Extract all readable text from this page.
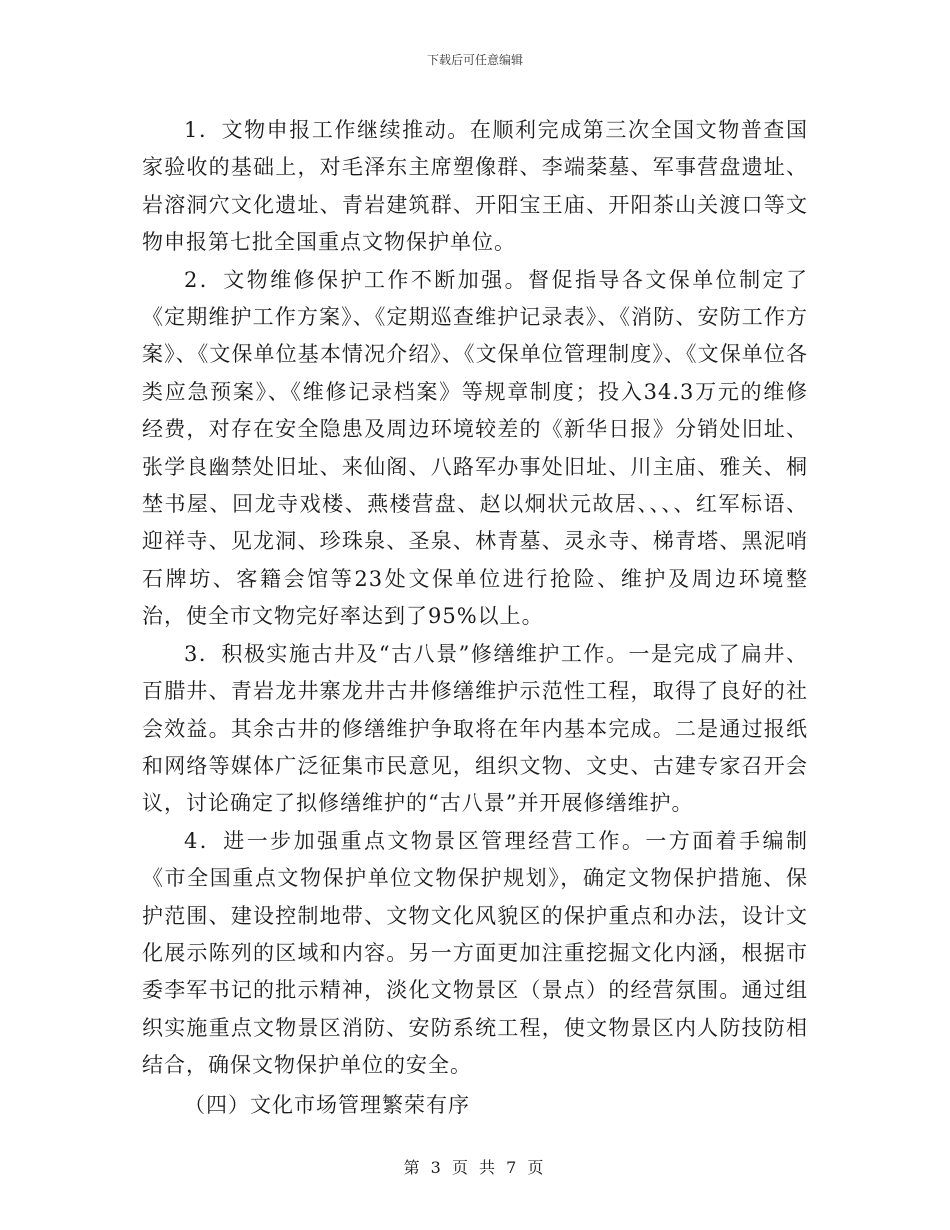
下载后可任意编辑

1．文物申报工作继续推动。在顺利完成第三次全国文物普查国家验收的基础上，对毛泽东主席塑像群、李端棻墓、军事营盘遗址、岩溶洞穴文化遗址、青岩建筑群、开阳宝王庙、开阳茶山关渡口等文物申报第七批全国重点文物保护单位。

2．文物维修保护工作不断加强。督促指导各文保单位制定了《定期维护工作方案》、《定期巡查维护记录表》、《消防、安防工作方案》、《文保单位基本情况介绍》、《文保单位管理制度》、《文保单位各类应急预案》、《维修记录档案》等规章制度；投入34.3万元的维修经费，对存在安全隐患及周边环境较差的《新华日报》分销处旧址、张学良幽禁处旧址、来仙阁、八路军办事处旧址、川主庙、雅关、桐埜书屋、回龙寺戏楼、燕楼营盘、赵以炯状元故居、、、、红军标语、迎祥寺、见龙洞、珍珠泉、圣泉、林青墓、灵永寺、梯青塔、黑泥哨石牌坊、客籍会馆等23处文保单位进行抢险、维护及周边环境整治，使全市文物完好率达到了95%以上。

3．积极实施古井及“古八景”修缮维护工作。一是完成了扁井、百腊井、青岩龙井寨龙井古井修缮维护示范性工程，取得了良好的社会效益。其余古井的修缮维护争取将在年内基本完成。二是通过报纸和网络等媒体广泛征集市民意见，组织文物、文史、古建专家召开会议，讨论确定了拟修缮维护的“古八景”并开展修缮维护。

4．进一步加强重点文物景区管理经营工作。一方面着手编制《市全国重点文物保护单位文物保护规划》，确定文物保护措施、保护范围、建设控制地带、文物文化风貌区的保护重点和办法，设计文化展示陈列的区域和内容。另一方面更加注重挖掘文化内涵，根据市委李军书记的批示精神，淡化文物景区（景点）的经营氛围。通过组织实施重点文物景区消防、安防系统工程，使文物景区内人防技防相结合，确保文物保护单位的安全。

（四）文化市场管理繁荣有序

第 3 页 共 7 页
